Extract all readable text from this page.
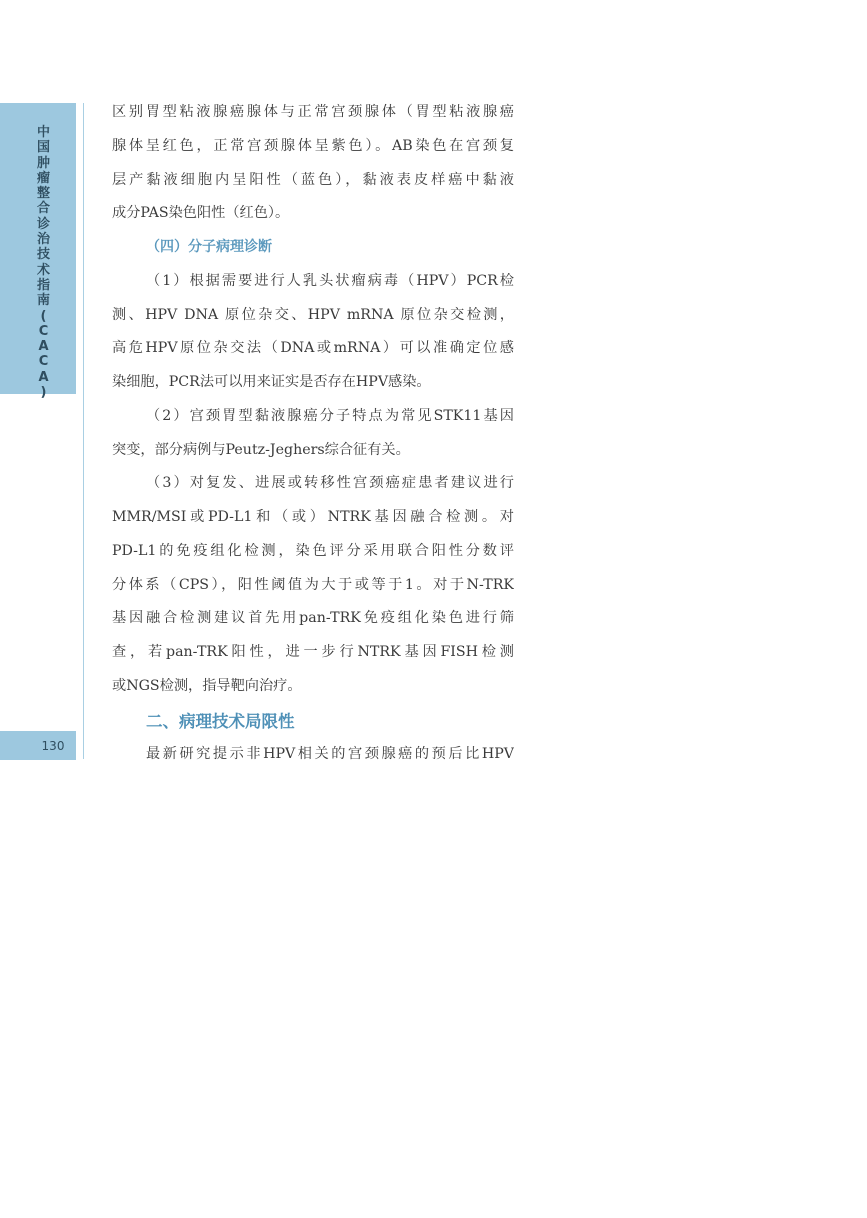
中
国
肿
瘤
整
合
诊
治
技
术
指
南
(
C
A
C
A
)
130
区别胃型粘液腺癌腺体与正常宫颈腺体（胃型粘液腺癌
腺体呈红色，正常宫颈腺体呈紫色）。AB染色在宫颈复
层产黏液细胞内呈阳性（蓝色），黏液表皮样癌中黏液
成分PAS染色阳性（红色）。
（四）分子病理诊断
（1）根据需要进行人乳头状瘤病毒（HPV）PCR检
测、HPV DNA 原位杂交、HPV mRNA 原位杂交检测，
高危HPV原位杂交法（DNA或mRNA）可以准确定位感
染细胞，PCR法可以用来证实是否存在HPV感染。
（2）宫颈胃型黏液腺癌分子特点为常见STK11基因
突变，部分病例与Peutz-Jeghers综合征有关。
（3）对复发、进展或转移性宫颈癌症患者建议进行
MMR/MSI或PD-L1和（或）NTRK基因融合检测。对
PD-L1的免疫组化检测，染色评分采用联合阳性分数评
分体系（CPS），阳性阈值为大于或等于1。对于N-TRK
基因融合检测建议首先用pan-TRK免疫组化染色进行筛
查，若pan-TRK阳性，进一步行NTRK基因FISH检测
或NGS检测，指导靶向治疗。
二、病理技术局限性
最新研究提示非HPV相关的宫颈腺癌的预后比HPV
